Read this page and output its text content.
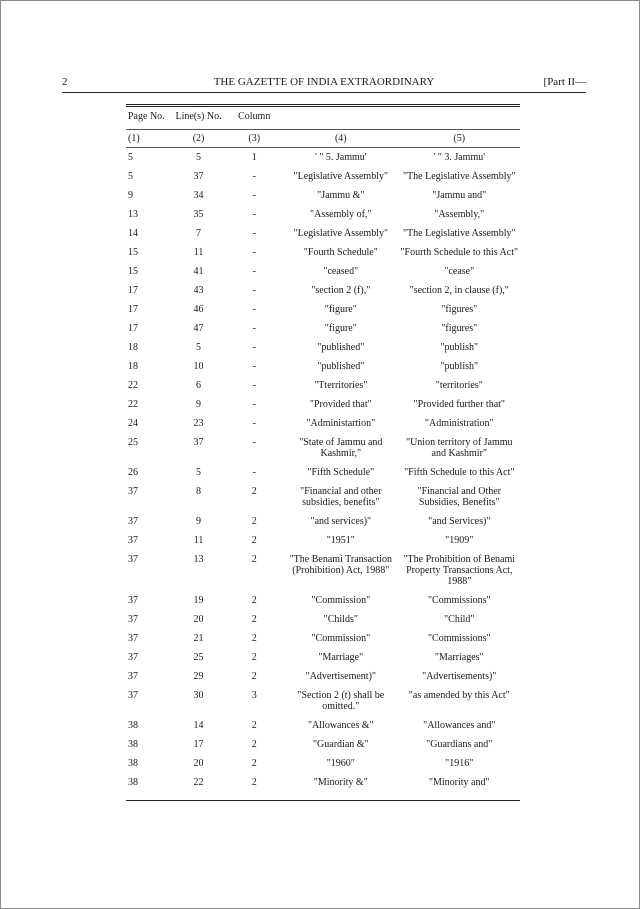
2	THE GAZETTE OF INDIA EXTRAORDINARY	[Part II—
Page No.	Line(s) No.	Column		
(1)	(2)	(3)	(4)	(5)
5	5	1	' " 5. Jammu'	' " 3. Jammu'
5	37	-	"Legislative Assembly"	"The Legislative Assembly"
9	34	-	"Jammu &"	"Jammu and"
13	35	-	"Assembly of,"	"Assembly,"
14	7	-	"Legislative Assembly"	"The Legislative Assembly"
15	11	-	"Fourth Schedule"	"Fourth Schedule to this Act"
15	41	-	"ceased"	"cease"
17	43	-	"section 2 (f),"	"section 2, in clause (f),"
17	46	-	"figure"	"figures"
17	47	-	"figure"	"figures"
18	5	-	"published"	"publish"
18	10	-	"published"	"publish"
22	6	-	"Tterritories"	"territories"
22	9	-	"Provided that"	"Provided further that"
24	23	-	"Administartion"	"Administration"
25	37	-	"State of Jammu and Kashmir,"	"Union territory of Jammu and Kashmir"
26	5	-	"Fifth Schedule"	"Fifth Schedule to this Act"
37	8	2	"Financial and other subsidies, benefits"	"Financial and Other Subsidies, Benefits"
37	9	2	"and services)"	"and Services)"
37	11	2	"1951"	"1909"
37	13	2	"The Benami Transaction (Prohibition) Act, 1988"	"The Prohibition of Benami Property Transactions Act, 1988"
37	19	2	"Commission"	"Commissions"
37	20	2	"Childs"	"Child"
37	21	2	"Commission"	"Commissions"
37	25	2	"Marriage"	"Marriages"
37	29	2	"Advertisement)"	"Advertisements)"
37	30	3	"Section 2 (t) shall be omitted."	"as amended by this Act"
38	14	2	"Allowances &"	"Allowances and"
38	17	2	"Guardian &"	"Guardians and"
38	20	2	"1960"	"1916"
38	22	2	"Minority &"	"Minority and"
